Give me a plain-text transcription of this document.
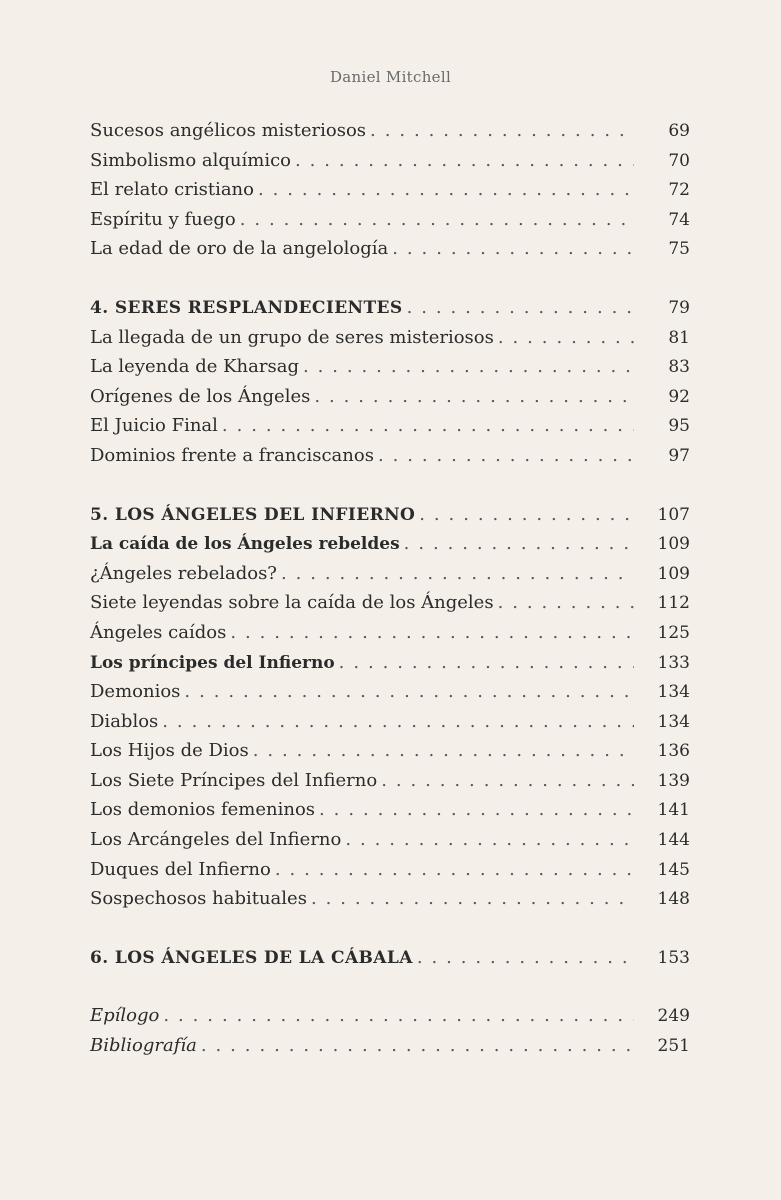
Daniel Mitchell
Sucesos angélicos misteriosos . . .	69
Simbolismo alquímico . . .	70
El relato cristiano . . .	72
Espíritu y fuego . . .	74
La edad de oro de la angelología . . .	75
4. SERES RESPLANDECIENTES . . .	79
La llegada de un grupo de seres misteriosos . . .	81
La leyenda de Kharsag . . .	83
Orígenes de los Ángeles . . .	92
El Juicio Final . . .	95
Dominios frente a franciscanos . . .	97
5. LOS ÁNGELES DEL INFIERNO . . .	107
La caída de los Ángeles rebeldes . . .	109
¿Ángeles rebelados? . . .	109
Siete leyendas sobre la caída de los Ángeles . . .	112
Ángeles caídos . . .	125
Los príncipes del Infierno . . .	133
Demonios . . .	134
Diablos . . .	134
Los Hijos de Dios . . .	136
Los Siete Príncipes del Infierno . . .	139
Los demonios femeninos . . .	141
Los Arcángeles del Infierno . . .	144
Duques del Infierno . . .	145
Sospechosos habituales . . .	148
6. LOS ÁNGELES DE LA CÁBALA . . .	153
Epílogo . . .	249
Bibliografía . . .	251
